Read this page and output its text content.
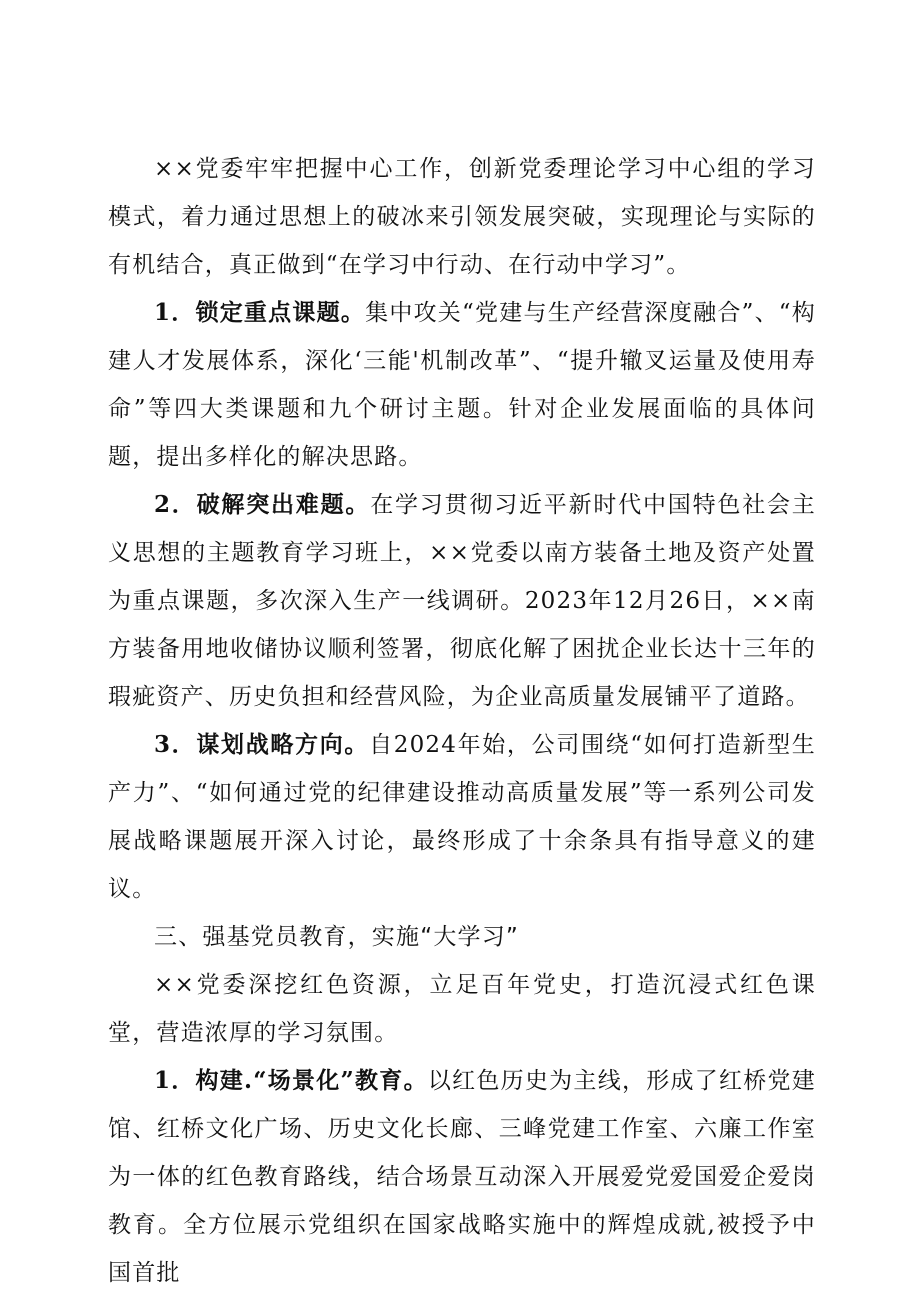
××党委牢牢把握中心工作，创新党委理论学习中心组的学习模式，着力通过思想上的破冰来引领发展突破，实现理论与实际的有机结合，真正做到“在学习中行动、在行动中学习”。

1．锁定重点课题。集中攻关“党建与生产经营深度融合”、“构建人才发展体系，深化‘三能'机制改革”、“提升辙叉运量及使用寿命”等四大类课题和九个研讨主题。针对企业发展面临的具体问题，提出多样化的解决思路。

2．破解突出难题。在学习贯彻习近平新时代中国特色社会主义思想的主题教育学习班上，××党委以南方装备土地及资产处置为重点课题，多次深入生产一线调研。2023年12月26日，××南方装备用地收储协议顺利签署，彻底化解了困扰企业长达十三年的瑕疵资产、历史负担和经营风险，为企业高质量发展铺平了道路。

3．谋划战略方向。自2024年始，公司围绕“如何打造新型生产力”、“如何通过党的纪律建设推动高质量发展”等一系列公司发展战略课题展开深入讨论，最终形成了十余条具有指导意义的建议。

三、强基党员教育，实施“大学习”

××党委深挖红色资源，立足百年党史，打造沉浸式红色课堂，营造浓厚的学习氛围。

1．构建.“场景化”教育。以红色历史为主线，形成了红桥党建馆、红桥文化广场、历史文化长廊、三峰党建工作室、六廉工作室为一体的红色教育路线，结合场景互动深入开展爱党爱国爱企爱岗教育。全方位展示党组织在国家战略实施中的辉煌成就,被授予中国首批
